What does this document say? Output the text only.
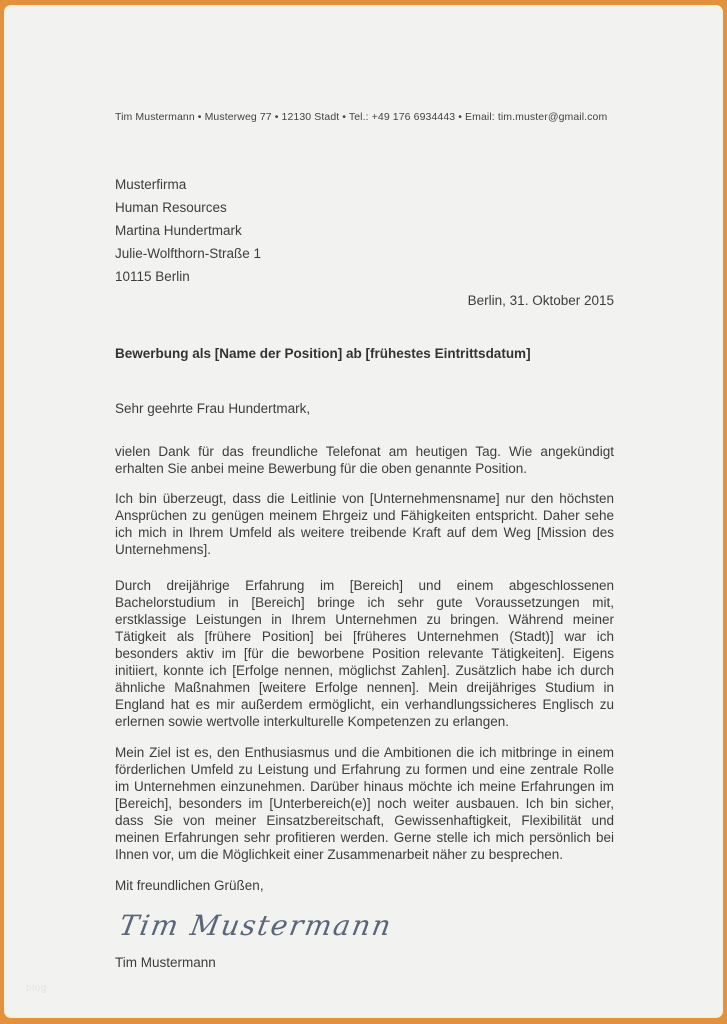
Tim Mustermann • Musterweg 77 • 12130 Stadt • Tel.: +49 176 6934443 • Email: tim.muster@gmail.com
Musterfirma
Human Resources
Martina Hundertmark
Julie-Wolfthorn-Straße 1
10115 Berlin
Berlin, 31. Oktober 2015
Bewerbung als [Name der Position] ab [frühestes Eintrittsdatum]
Sehr geehrte Frau Hundertmark,
vielen Dank für das freundliche Telefonat am heutigen Tag. Wie angekündigt erhalten Sie anbei meine Bewerbung für die oben genannte Position.
Ich bin überzeugt, dass die Leitlinie von [Unternehmensname] nur den höchsten Ansprüchen zu genügen meinem Ehrgeiz und Fähigkeiten entspricht. Daher sehe ich mich in Ihrem Umfeld als weitere treibende Kraft auf dem Weg [Mission des Unternehmens].
Durch dreijährige Erfahrung im [Bereich] und einem abgeschlossenen Bachelorstudium in [Bereich] bringe ich sehr gute Voraussetzungen mit, erstklassige Leistungen in Ihrem Unternehmen zu bringen. Während meiner Tätigkeit als [frühere Position] bei [früheres Unternehmen (Stadt)] war ich besonders aktiv im [für die beworbene Position relevante Tätigkeiten]. Eigens initiiert, konnte ich [Erfolge nennen, möglichst Zahlen]. Zusätzlich habe ich durch ähnliche Maßnahmen [weitere Erfolge nennen]. Mein dreijähriges Studium in England hat es mir außerdem ermöglicht, ein verhandlungssicheres Englisch zu erlernen sowie wertvolle interkulturelle Kompetenzen zu erlangen.
Mein Ziel ist es, den Enthusiasmus und die Ambitionen die ich mitbringe in einem förderlichen Umfeld zu Leistung und Erfahrung zu formen und eine zentrale Rolle im Unternehmen einzunehmen. Darüber hinaus möchte ich meine Erfahrungen im [Bereich], besonders im [Unterbereich(e)] noch weiter ausbauen. Ich bin sicher, dass Sie von meiner Einsatzbereitschaft, Gewissenhaftigkeit, Flexibilität und meinen Erfahrungen sehr profitieren werden. Gerne stelle ich mich persönlich bei Ihnen vor, um die Möglichkeit einer Zusammenarbeit näher zu besprechen.
Mit freundlichen Grüßen,
Tim Mustermann
Tim Mustermann
blog
